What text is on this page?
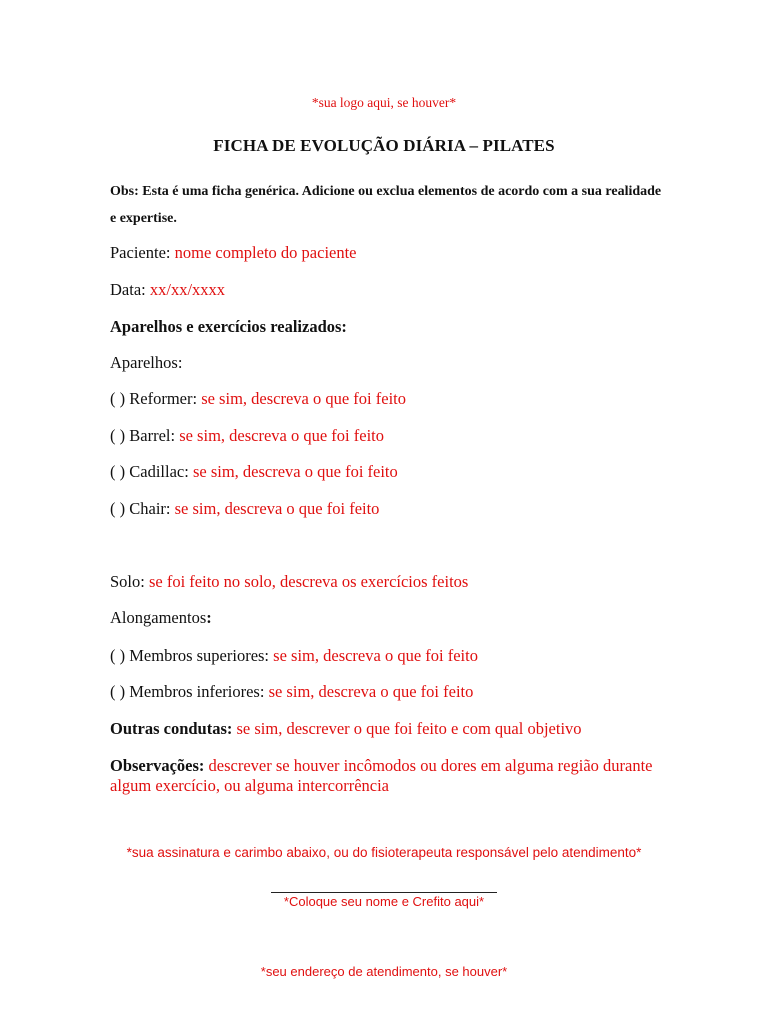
*sua logo aqui, se houver*
FICHA DE EVOLUÇÃO DIÁRIA – PILATES
Obs: Esta é uma ficha genérica. Adicione ou exclua elementos de acordo com a sua realidade e expertise.
Paciente: nome completo do paciente
Data: xx/xx/xxxx
Aparelhos e exercícios realizados:
Aparelhos:
( ) Reformer: se sim, descreva o que foi feito
( ) Barrel: se sim, descreva o que foi feito
( ) Cadillac: se sim, descreva o que foi feito
( ) Chair: se sim, descreva o que foi feito
Solo: se foi feito no solo, descreva os exercícios feitos
Alongamentos:
( ) Membros superiores: se sim, descreva o que foi feito
( ) Membros inferiores: se sim, descreva o que foi feito
Outras condutas: se sim, descrever o que foi feito e com qual objetivo
Observações: descrever se houver incômodos ou dores em alguma região durante algum exercício, ou alguma intercorrência
*sua assinatura e carimbo abaixo, ou do fisioterapeuta responsável pelo atendimento*
*Coloque seu nome e Crefito aqui*
*seu endereço de atendimento, se houver*
